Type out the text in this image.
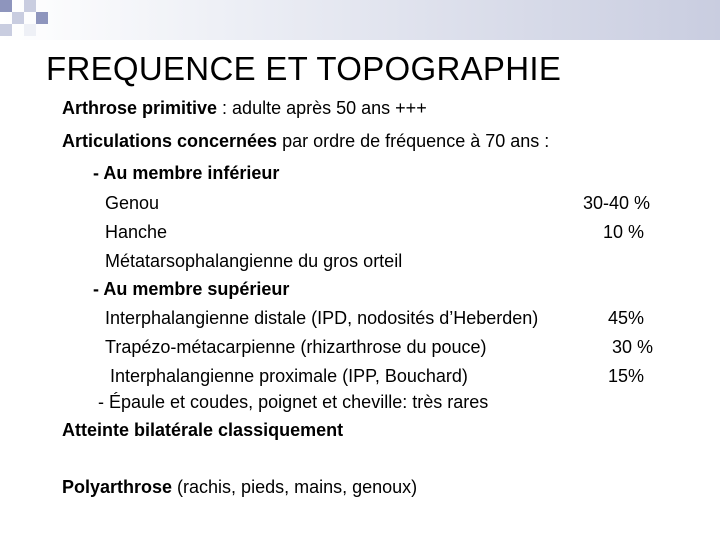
FREQUENCE ET TOPOGRAPHIE
Arthrose primitive : adulte après 50 ans +++
Articulations concernées par ordre de fréquence à 70 ans :
- Au membre inférieur
Genou	30-40 %
Hanche	10 %
Métatarsophalangienne du gros orteil
- Au membre supérieur
Interphalangienne distale (IPD, nodosités d’Heberden)	45%
Trapézo-métacarpienne (rhizarthrose du pouce)	30 %
Interphalangienne proximale (IPP, Bouchard)	15%
- Épaule et coudes, poignet et cheville: très rares
Atteinte bilatérale classiquement
Polyarthrose (rachis, pieds, mains, genoux)
